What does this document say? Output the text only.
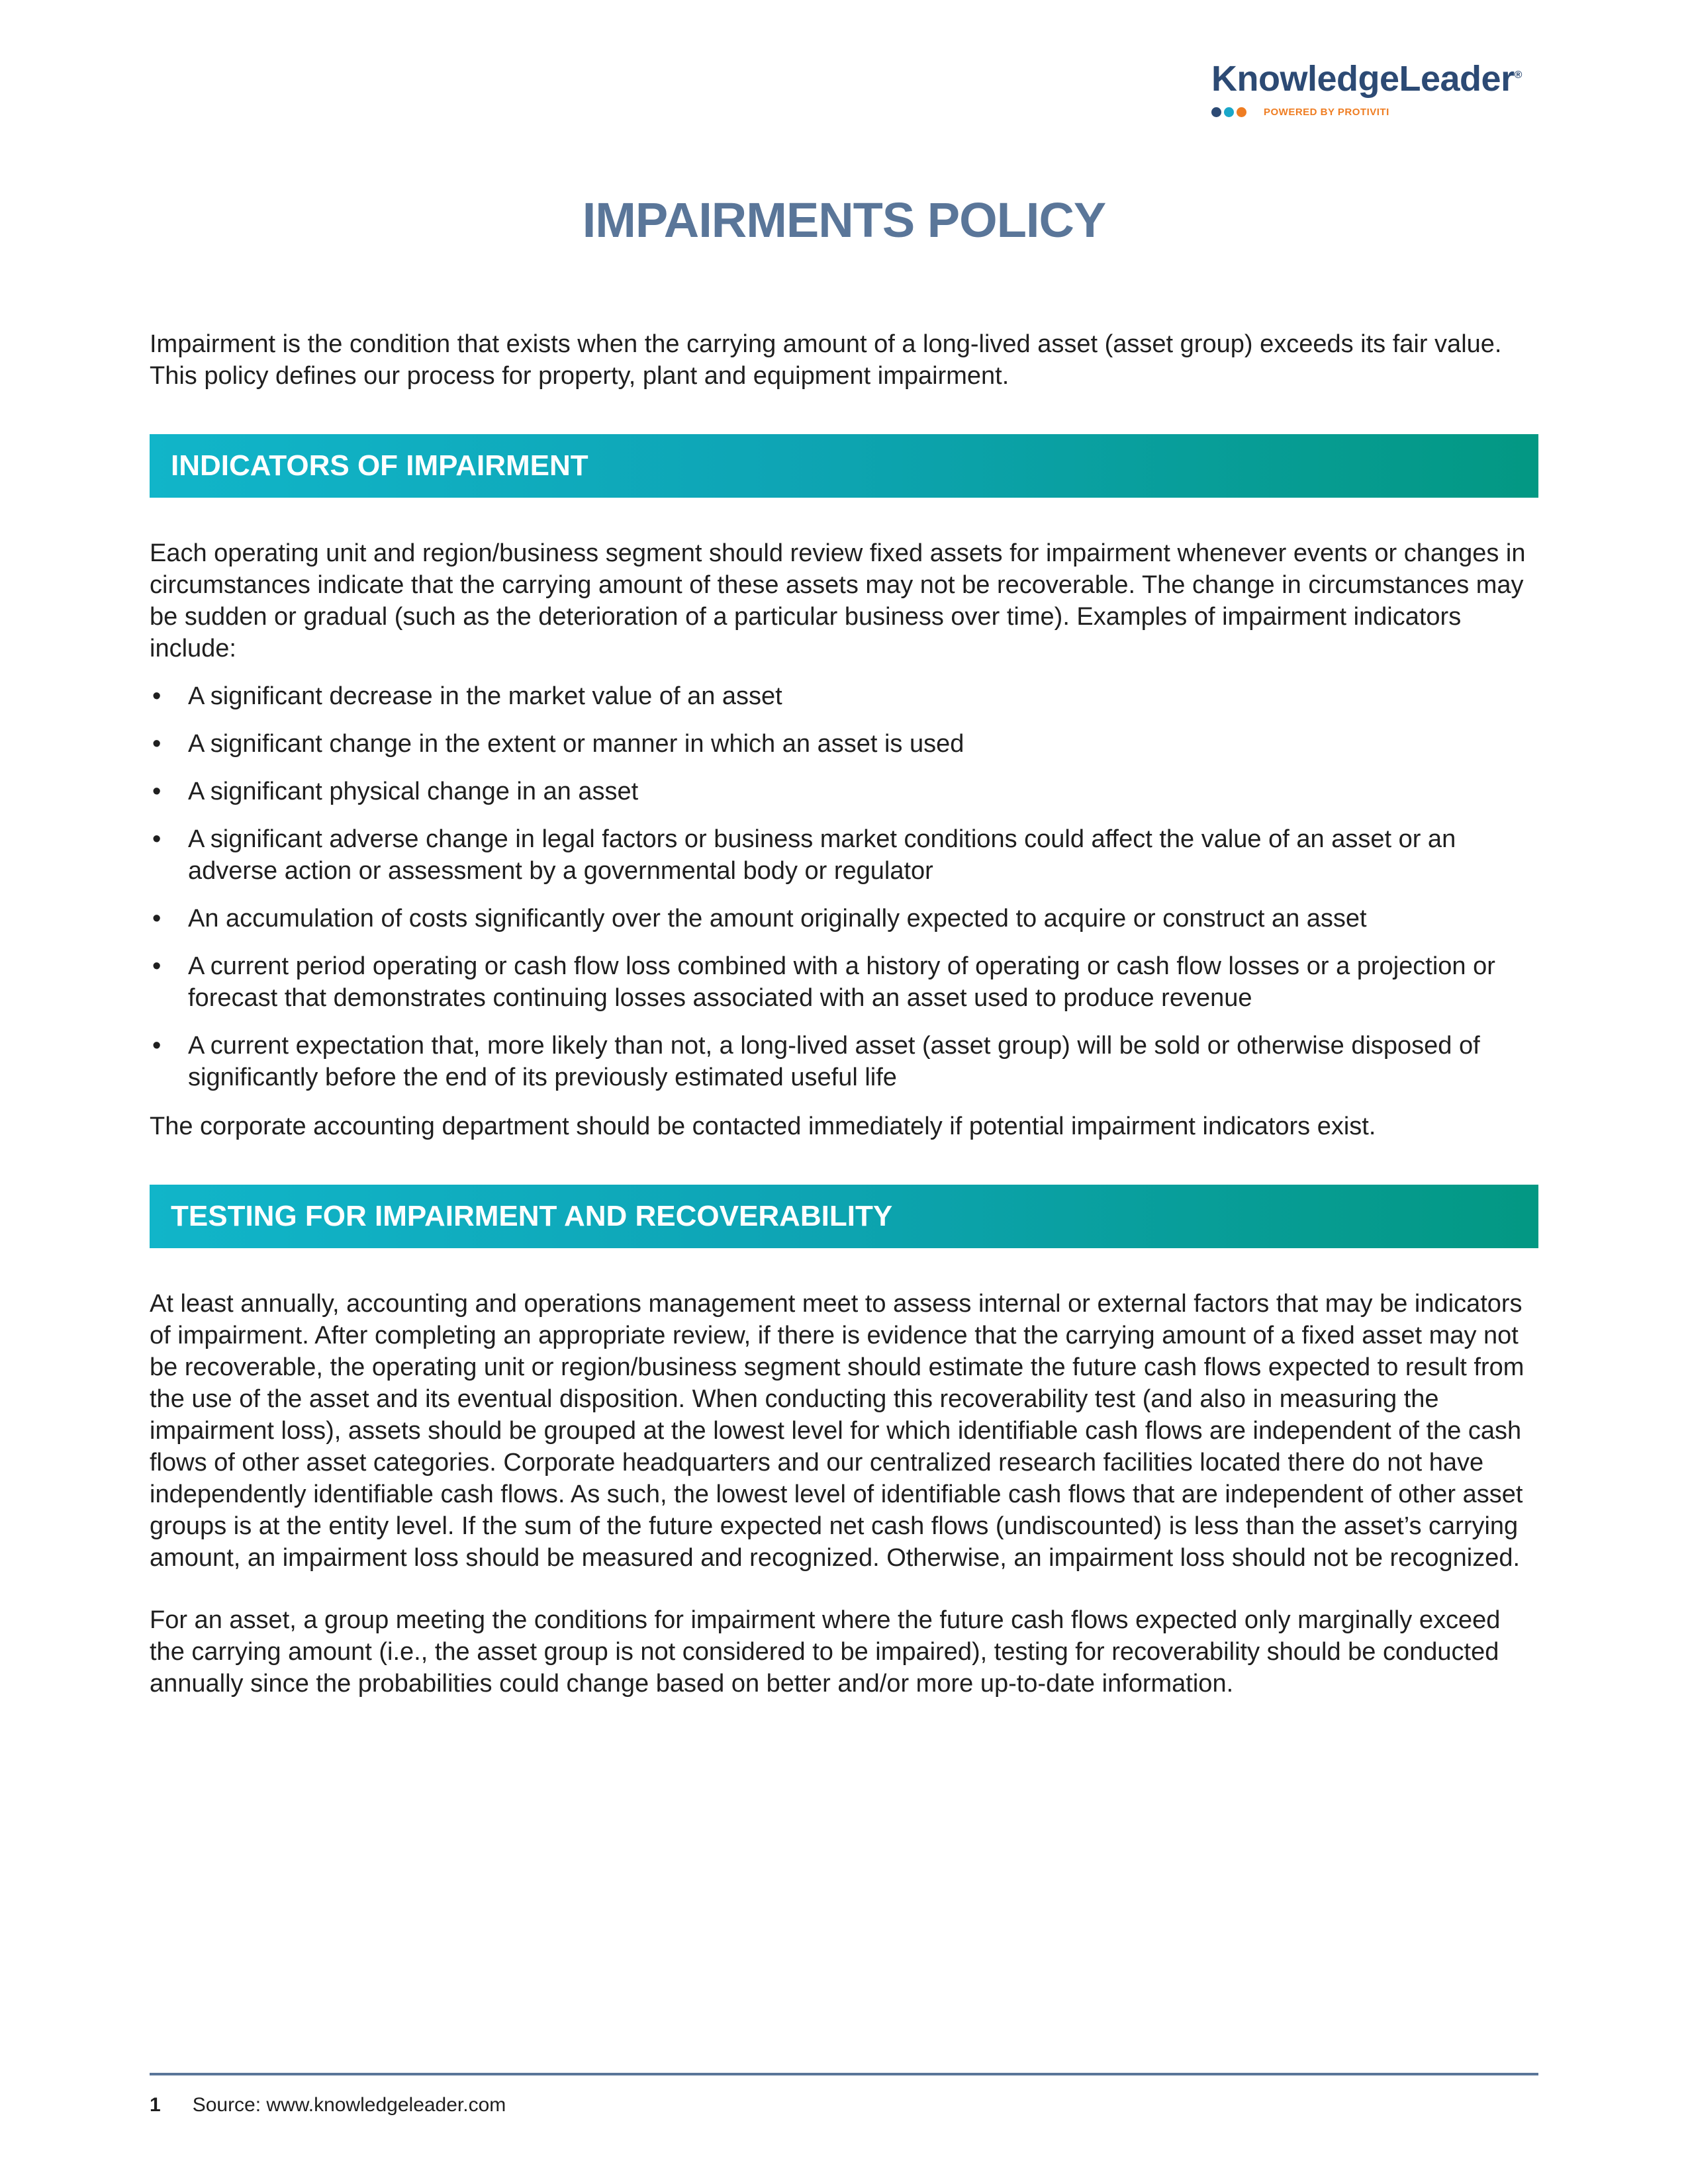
KnowledgeLeader®
POWERED BY PROTIVITI
IMPAIRMENTS POLICY

Impairment is the condition that exists when the carrying amount of a long-lived asset (asset group) exceeds its fair value. This policy defines our process for property, plant and equipment impairment.

INDICATORS OF IMPAIRMENT

Each operating unit and region/business segment should review fixed assets for impairment whenever events or changes in circumstances indicate that the carrying amount of these assets may not be recoverable. The change in circumstances may be sudden or gradual (such as the deterioration of a particular business over time). Examples of impairment indicators include:

• A significant decrease in the market value of an asset
• A significant change in the extent or manner in which an asset is used
• A significant physical change in an asset
• A significant adverse change in legal factors or business market conditions could affect the value of an asset or an adverse action or assessment by a governmental body or regulator
• An accumulation of costs significantly over the amount originally expected to acquire or construct an asset
• A current period operating or cash flow loss combined with a history of operating or cash flow losses or a projection or forecast that demonstrates continuing losses associated with an asset used to produce revenue
• A current expectation that, more likely than not, a long-lived asset (asset group) will be sold or otherwise disposed of significantly before the end of its previously estimated useful life

The corporate accounting department should be contacted immediately if potential impairment indicators exist.

TESTING FOR IMPAIRMENT AND RECOVERABILITY

At least annually, accounting and operations management meet to assess internal or external factors that may be indicators of impairment. After completing an appropriate review, if there is evidence that the carrying amount of a fixed asset may not be recoverable, the operating unit or region/business segment should estimate the future cash flows expected to result from the use of the asset and its eventual disposition. When conducting this recoverability test (and also in measuring the impairment loss), assets should be grouped at the lowest level for which identifiable cash flows are independent of the cash flows of other asset categories. Corporate headquarters and our centralized research facilities located there do not have independently identifiable cash flows. As such, the lowest level of identifiable cash flows that are independent of other asset groups is at the entity level. If the sum of the future expected net cash flows (undiscounted) is less than the asset’s carrying amount, an impairment loss should be measured and recognized. Otherwise, an impairment loss should not be recognized.

For an asset, a group meeting the conditions for impairment where the future cash flows expected only marginally exceed the carrying amount (i.e., the asset group is not considered to be impaired), testing for recoverability should be conducted annually since the probabilities could change based on better and/or more up-to-date information.

1 Source: www.knowledgeleader.com
